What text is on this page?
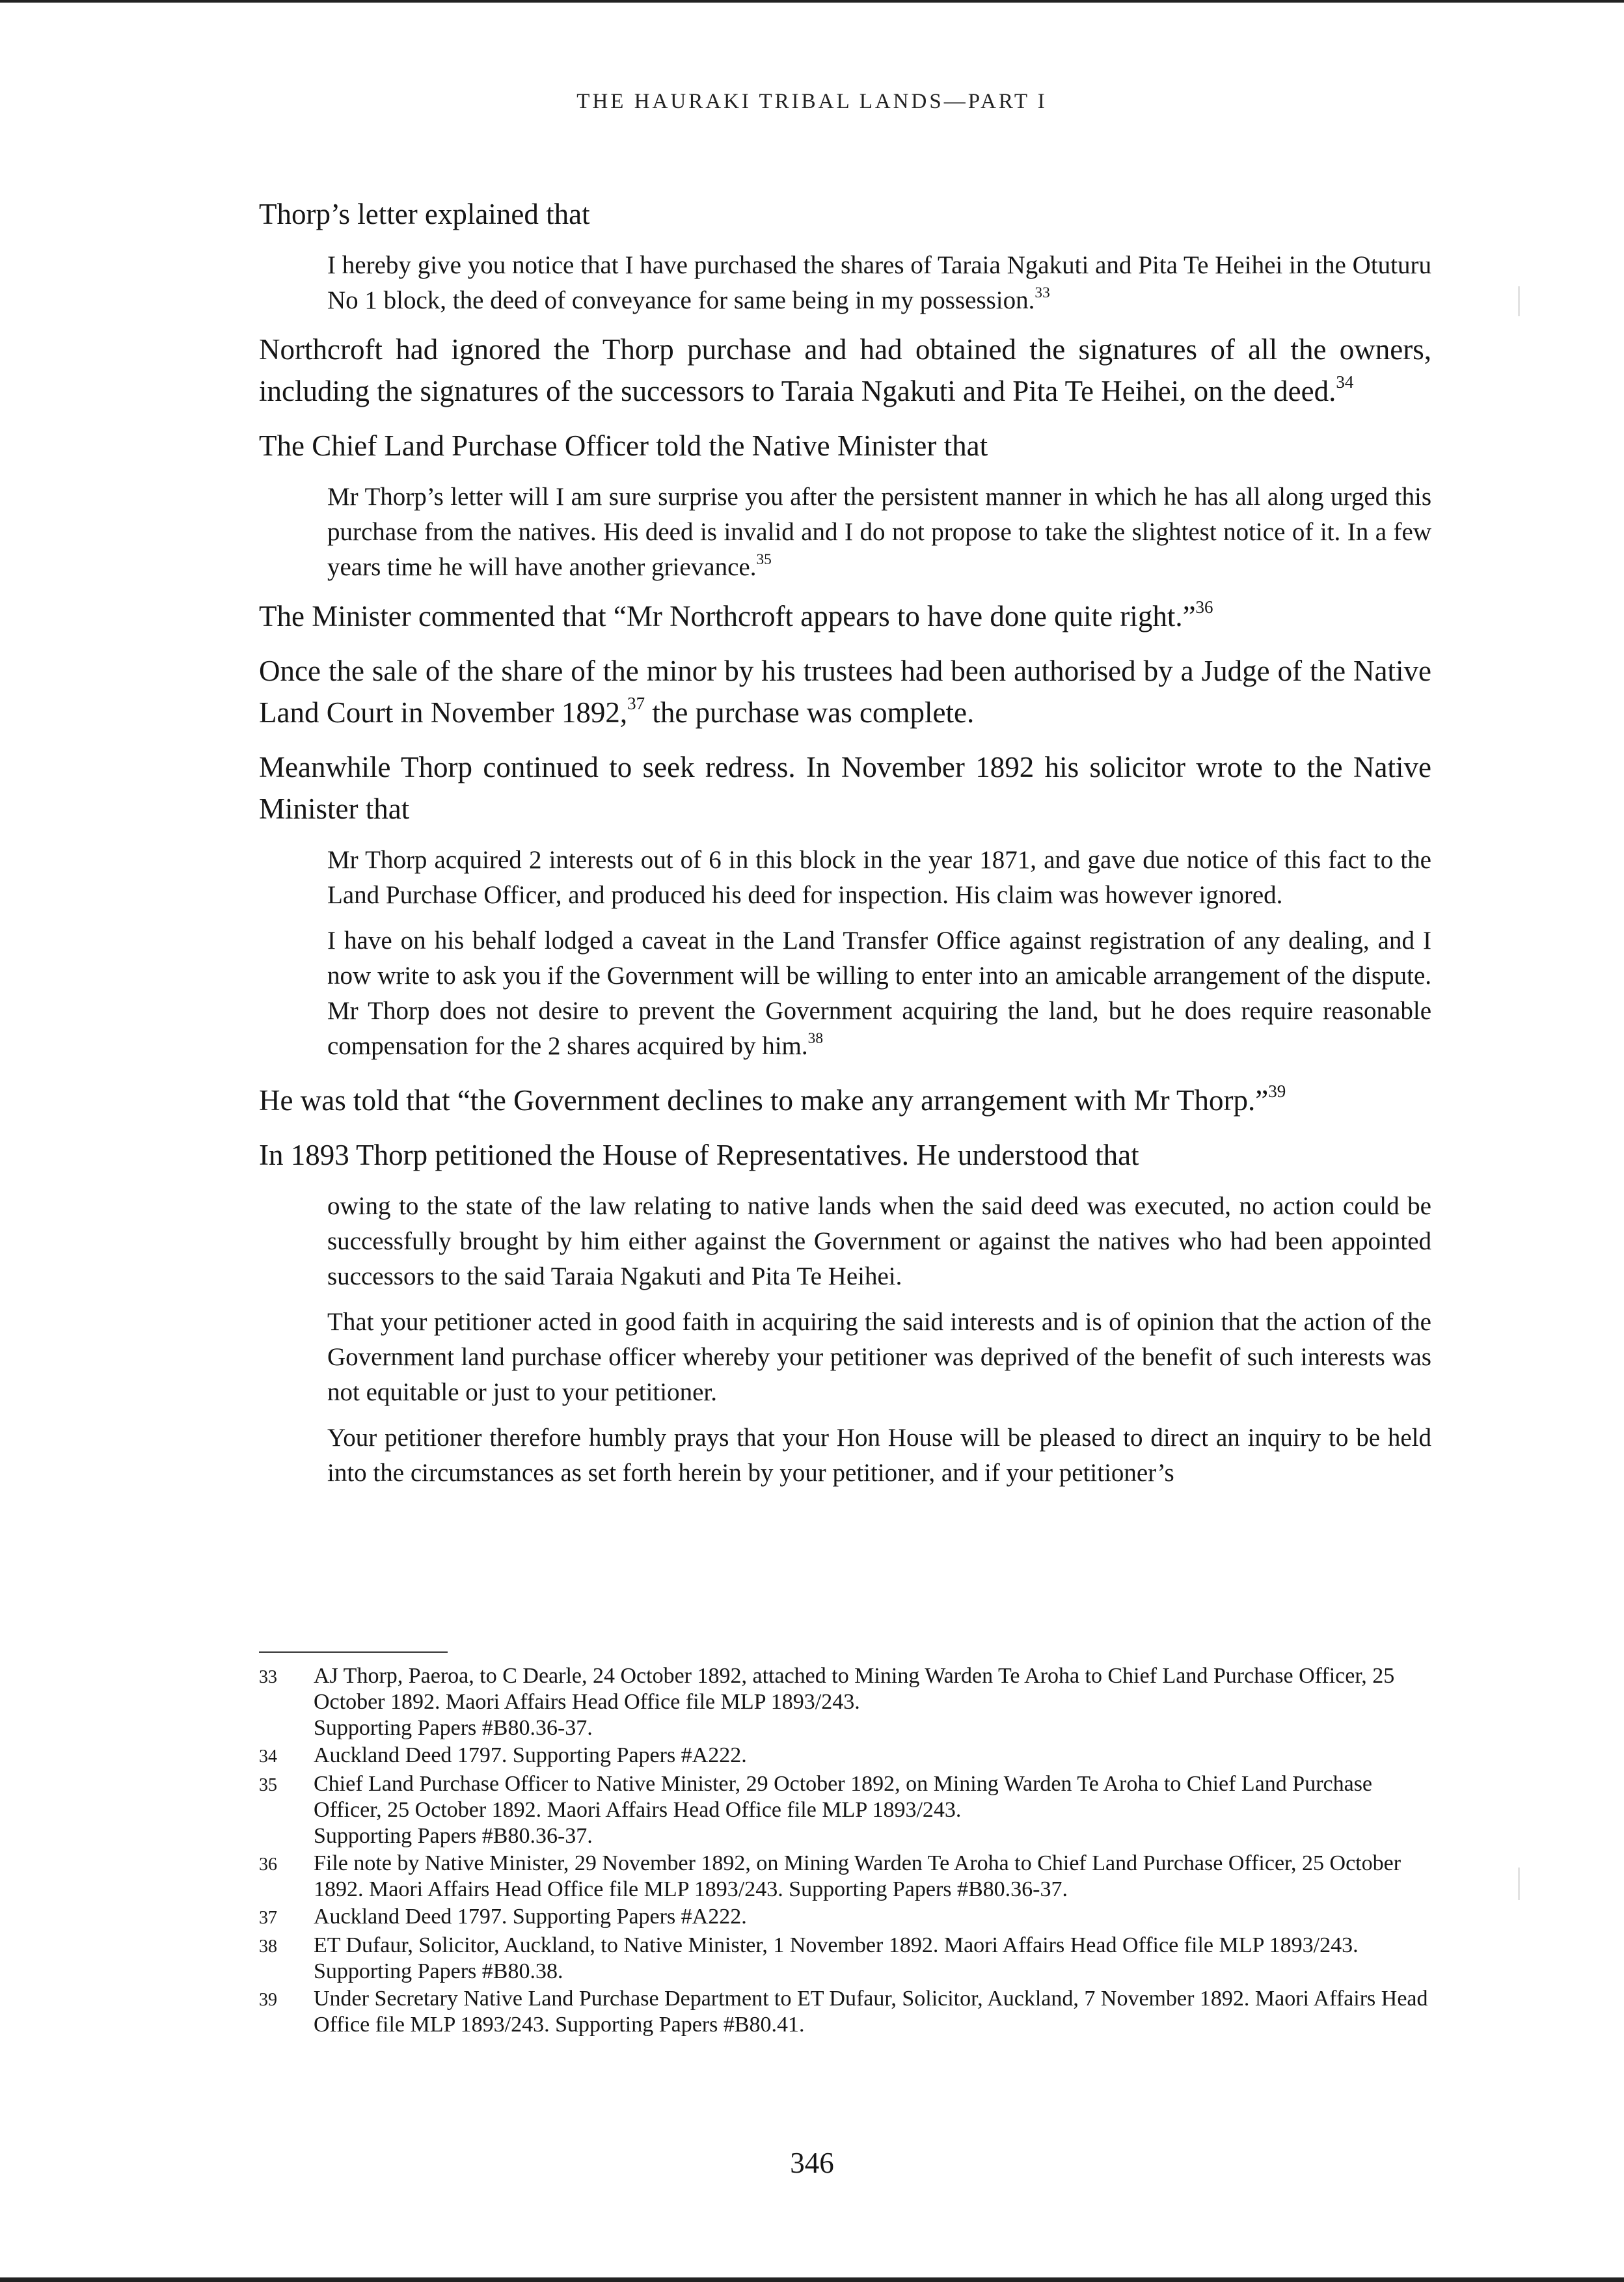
THE HAURAKI TRIBAL LANDS—PART I

Thorp’s letter explained that

I hereby give you notice that I have purchased the shares of Taraia Ngakuti and Pita Te Heihei in the Otuturu No 1 block, the deed of conveyance for same being in my possession.$^{33}$

Northcroft had ignored the Thorp purchase and had obtained the signatures of all the owners, including the signatures of the successors to Taraia Ngakuti and Pita Te Heihei, on the deed.$^{34}$

The Chief Land Purchase Officer told the Native Minister that

Mr Thorp’s letter will I am sure surprise you after the persistent manner in which he has all along urged this purchase from the natives. His deed is invalid and I do not propose to take the slightest notice of it. In a few years time he will have another grievance.$^{35}$

The Minister commented that “Mr Northcroft appears to have done quite right.”$^{36}$

Once the sale of the share of the minor by his trustees had been authorised by a Judge of the Native Land Court in November 1892,37 the purchase was complete.

Meanwhile Thorp continued to seek redress. In November 1892 his solicitor wrote to the Native Minister that

Mr Thorp acquired 2 interests out of 6 in this block in the year 1871, and gave due notice of this fact to the Land Purchase Officer, and produced his deed for inspection. His claim was however ignored.

I have on his behalf lodged a caveat in the Land Transfer Office against registration of any dealing, and I now write to ask you if the Government will be willing to enter into an amicable arrangement of the dispute. Mr Thorp does not desire to prevent the Government acquiring the land, but he does require reasonable compensation for the 2 shares acquired by him.$^{38}$

He was told that “the Government declines to make any arrangement with Mr Thorp.”$^{39}$

In 1893 Thorp petitioned the House of Representatives. He understood that

owing to the state of the law relating to native lands when the said deed was executed, no action could be successfully brought by him either against the Government or against the natives who had been appointed successors to the said Taraia Ngakuti and Pita Te Heihei.

That your petitioner acted in good faith in acquiring the said interests and is of opinion that the action of the Government land purchase officer whereby your petitioner was deprived of the benefit of such interests was not equitable or just to your petitioner.

Your petitioner therefore humbly prays that your Hon House will be pleased to direct an inquiry to be held into the circumstances as set forth herein by your petitioner, and if your petitioner’s

33	AJ Thorp, Paeroa, to C Dearle, 24 October 1892, attached to Mining Warden Te Aroha to Chief Land Purchase Officer, 25 October 1892. Maori Affairs Head Office file MLP 1893/243.
Supporting Papers #B80.36-37.
34	Auckland Deed 1797. Supporting Papers #A222.
35	Chief Land Purchase Officer to Native Minister, 29 October 1892, on Mining Warden Te Aroha to Chief Land Purchase Officer, 25 October 1892. Maori Affairs Head Office file MLP 1893/243.
Supporting Papers #B80.36-37.
36	File note by Native Minister, 29 November 1892, on Mining Warden Te Aroha to Chief Land Purchase Officer, 25 October 1892. Maori Affairs Head Office file MLP 1893/243. Supporting Papers #B80.36-37.
37	Auckland Deed 1797. Supporting Papers #A222.
38	ET Dufaur, Solicitor, Auckland, to Native Minister, 1 November 1892. Maori Affairs Head Office file MLP 1893/243. Supporting Papers #B80.38.
39	Under Secretary Native Land Purchase Department to ET Dufaur, Solicitor, Auckland, 7 November 1892. Maori Affairs Head Office file MLP 1893/243. Supporting Papers #B80.41.
346
